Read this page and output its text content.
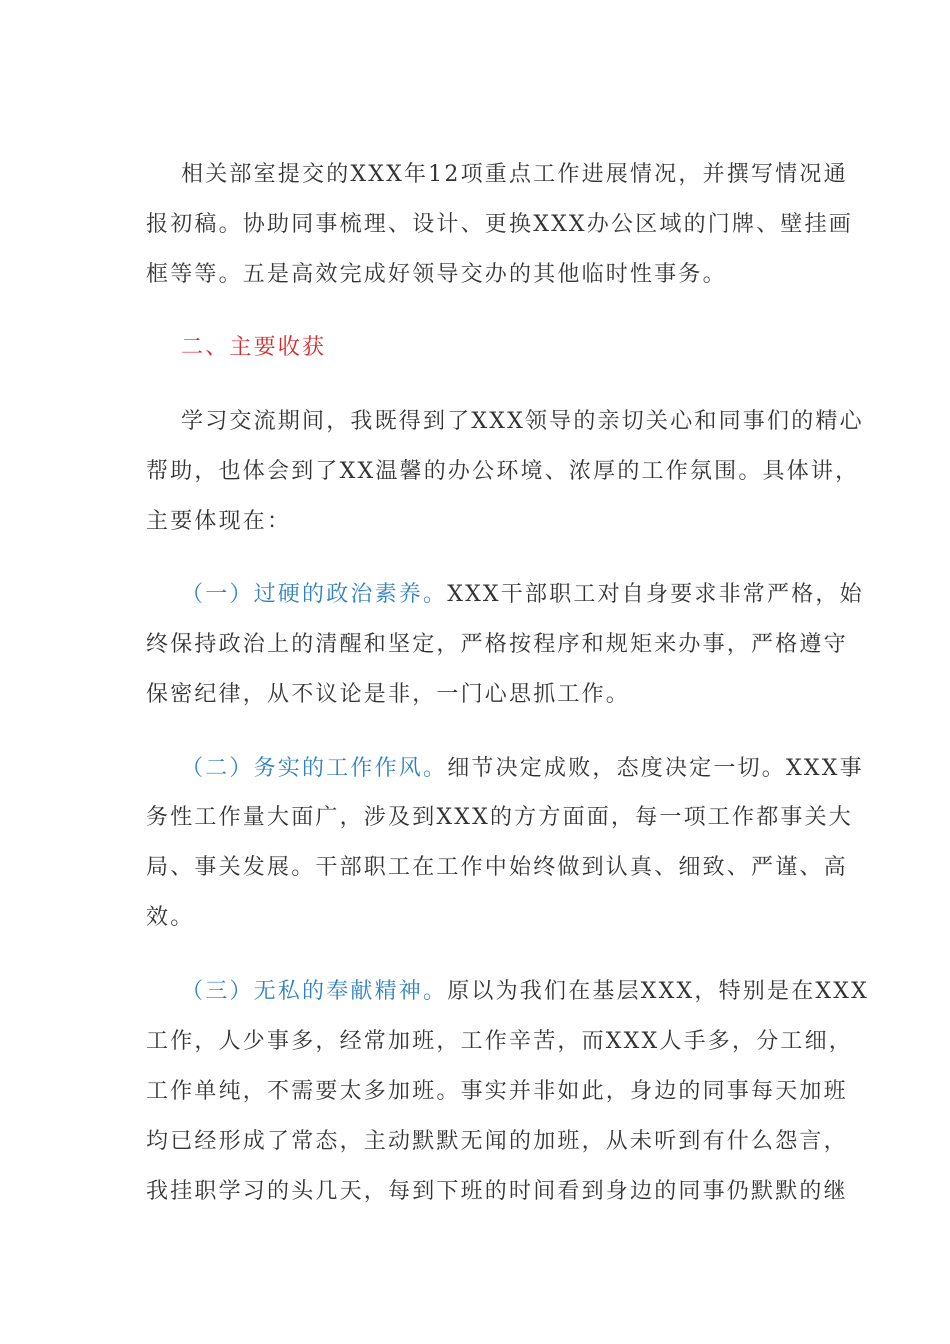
相关部室提交的XXX年12项重点工作进展情况，并撰写情况通
报初稿。协助同事梳理、设计、更换XXX办公区域的门牌、壁挂画
框等等。五是高效完成好领导交办的其他临时性事务。
二、主要收获
学习交流期间，我既得到了XXX领导的亲切关心和同事们的精心
帮助，也体会到了XX温馨的办公环境、浓厚的工作氛围。具体讲，
主要体现在：
（一）过硬的政治素养。XXX干部职工对自身要求非常严格，始
终保持政治上的清醒和坚定，严格按程序和规矩来办事，严格遵守
保密纪律，从不议论是非，一门心思抓工作。
（二）务实的工作作风。细节决定成败，态度决定一切。XXX事
务性工作量大面广，涉及到XXX的方方面面，每一项工作都事关大
局、事关发展。干部职工在工作中始终做到认真、细致、严谨、高
效。
（三）无私的奉献精神。原以为我们在基层XXX，特别是在XXX
工作，人少事多，经常加班，工作辛苦，而XXX人手多，分工细，
工作单纯，不需要太多加班。事实并非如此，身边的同事每天加班
均已经形成了常态，主动默默无闻的加班，从未听到有什么怨言，
我挂职学习的头几天，每到下班的时间看到身边的同事仍默默的继
